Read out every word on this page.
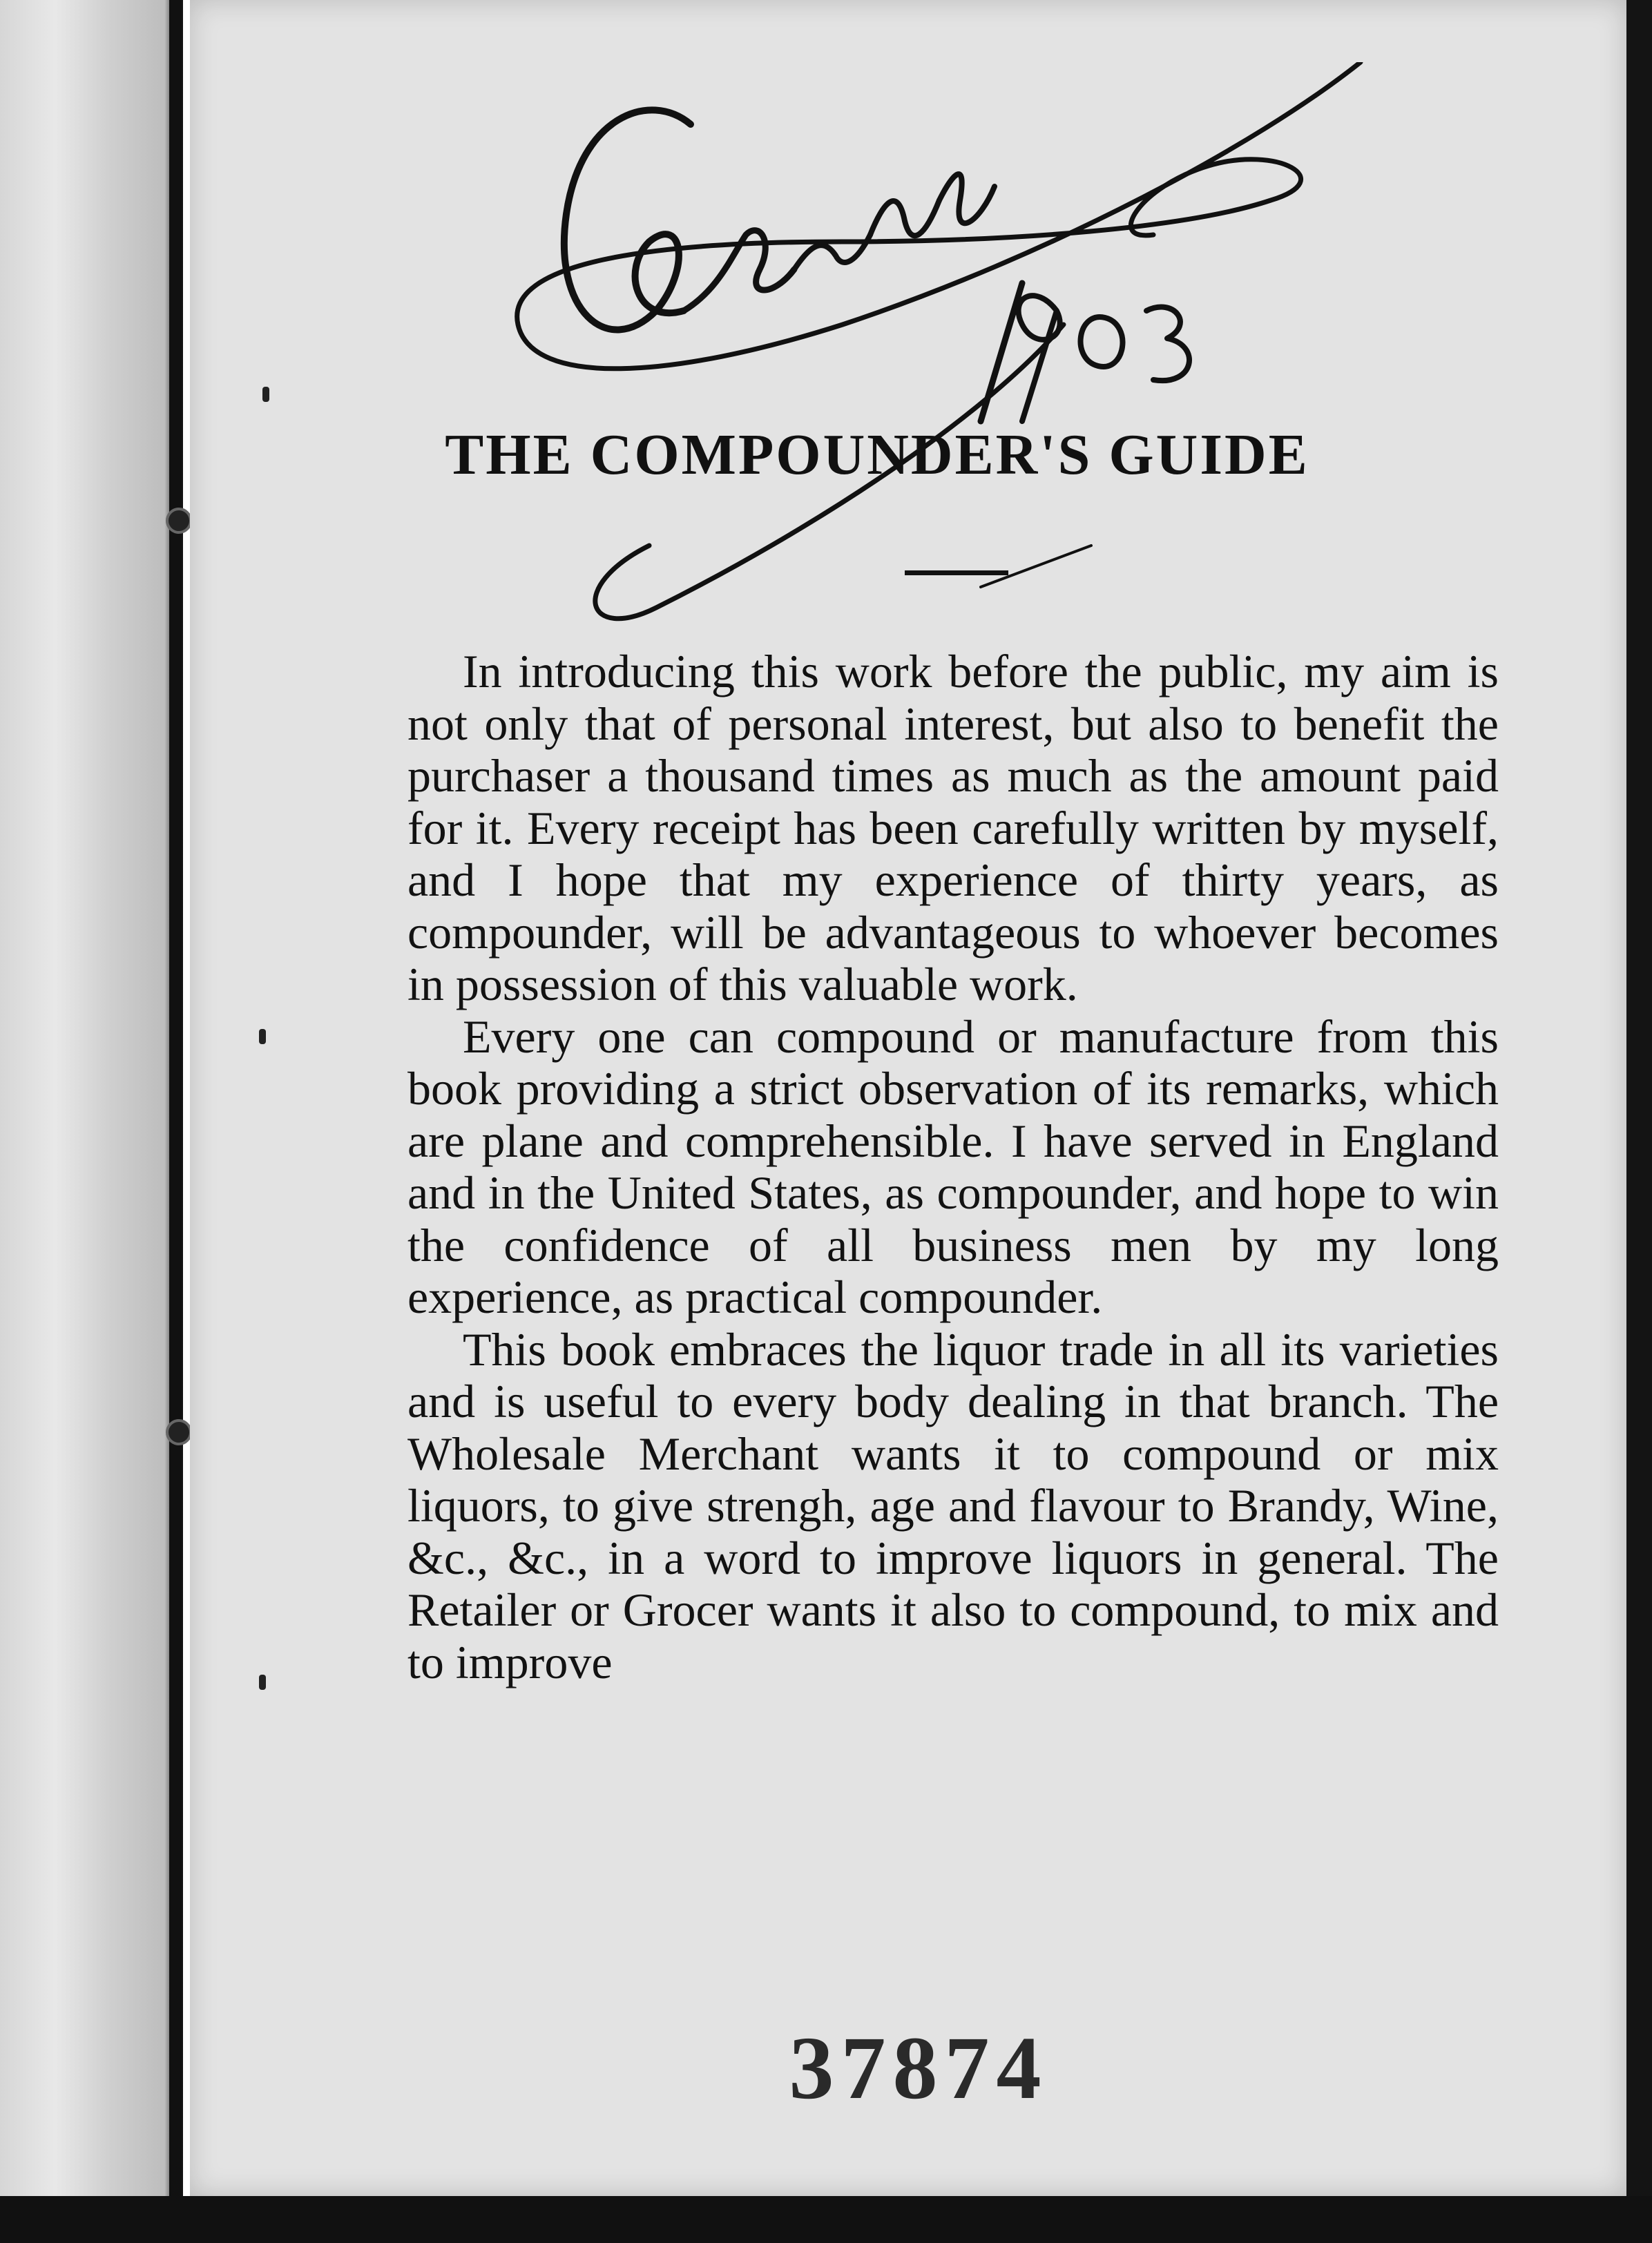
THE COMPOUNDER'S GUIDE

In introducing this work before the public, my aim is not only that of personal interest, but also to benefit the purchaser a thousand times as much as the amount paid for it. Every receipt has been carefully written by myself, and I hope that my experience of thirty years, as compounder, will be advantageous to whoever becomes in possession of this valuable work.

Every one can compound or manufacture from this book providing a strict observation of its remarks, which are plane and comprehensible. I have served in England and in the United States, as compounder, and hope to win the confidence of all business men by my long experience, as practical compounder.

This book embraces the liquor trade in all its varieties and is useful to every body dealing in that branch. The Wholesale Merchant wants it to compound or mix liquors, to give strengh, age and flavour to Brandy, Wine, &c., &c., in a word to improve liquors in general. The Retailer or Grocer wants it also to compound, to mix and to improve

37874
